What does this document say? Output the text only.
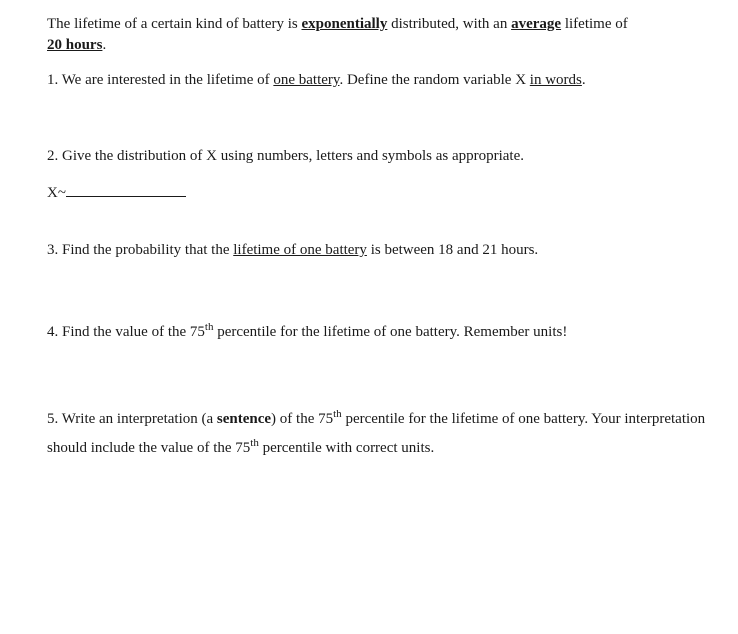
The lifetime of a certain kind of battery is exponentially distributed, with an average lifetime of
20 hours.

1. We are interested in the lifetime of one battery. Define the random variable X in words.

2. Give the distribution of X using numbers, letters and symbols as appropriate.

X~

3. Find the probability that the lifetime of one battery is between 18 and 21 hours.

4. Find the value of the 75th percentile for the lifetime of one battery. Remember units!

5. Write an interpretation (a sentence) of the 75th percentile for the lifetime of one battery. Your interpretation should include the value of the 75th percentile with correct units.
